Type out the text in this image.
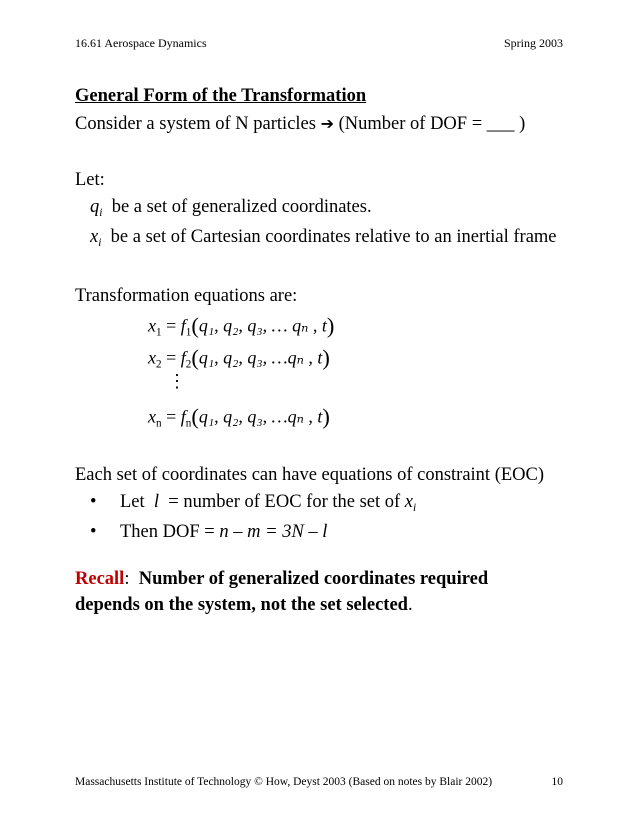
16.61 Aerospace Dynamics	Spring 2003
General Form of the Transformation
Consider a system of N particles ➔ (Number of DOF = ___ )
Let:
$q_i$ be a set of generalized coordinates.
$x_i$ be a set of Cartesian coordinates relative to an inertial frame
Transformation equations are:
$x_1 = f_1(q_1$, q₂, q₃, … qₙ , t)
$x_2 = f_2(q_1$, q₂, q₃, …qₙ , t)
⋮
$x_n = f_n(q_1$, q₂, q₃, …qₙ , t)
Each set of coordinates can have equations of constraint (EOC)
• Let l = number of EOC for the set of $x_i$
• Then DOF = n – m = 3N – l
Recall:  Number of generalized coordinates required
depends on the system, not the set selected.
Massachusetts Institute of Technology © How, Deyst 2003 (Based on notes by Blair 2002)	10
